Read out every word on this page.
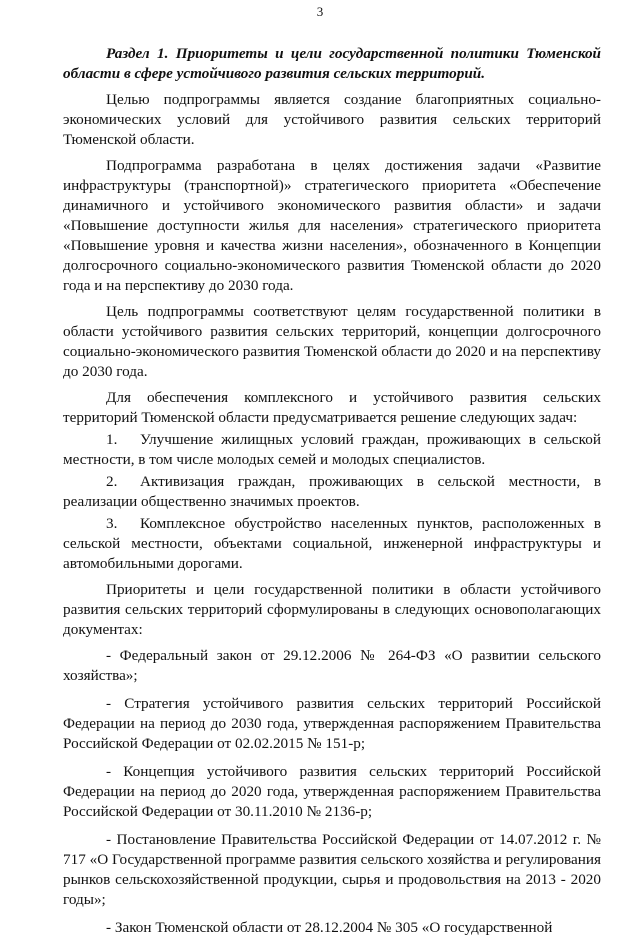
3

Раздел 1. Приоритеты и цели государственной политики Тюменской области в сфере устойчивого развития сельских территорий.

Целью подпрограммы является создание благоприятных социально-экономических условий для устойчивого развития сельских территорий Тюменской области.

Подпрограмма разработана в целях достижения задачи «Развитие инфраструктуры (транспортной)» стратегического приоритета «Обеспечение динамичного и устойчивого экономического развития области» и задачи «Повышение доступности жилья для населения» стратегического приоритета «Повышение уровня и качества жизни населения», обозначенного в Концепции долгосрочного социально-экономического развития Тюменской области до 2020 года и на перспективу до 2030 года.

Цель подпрограммы соответствуют целям государственной политики в области устойчивого развития сельских территорий, концепции долгосрочного социально-экономического развития Тюменской области до 2020 и на перспективу до 2030 года.

Для обеспечения комплексного и устойчивого развития сельских территорий Тюменской области предусматривается решение следующих задач:

1. Улучшение жилищных условий граждан, проживающих в сельской местности, в том числе молодых семей и молодых специалистов.

2. Активизация граждан, проживающих в сельской местности, в реализации общественно значимых проектов.

3. Комплексное обустройство населенных пунктов, расположенных в сельской местности, объектами социальной, инженерной инфраструктуры и автомобильными дорогами.

Приоритеты и цели государственной политики в области устойчивого развития сельских территорий сформулированы в следующих основополагающих документах:

- Федеральный закон от 29.12.2006 № 264-ФЗ «О развитии сельского хозяйства»;

- Стратегия устойчивого развития сельских территорий Российской Федерации на период до 2030 года, утвержденная распоряжением Правительства Российской Федерации от 02.02.2015 № 151-р;

- Концепция устойчивого развития сельских территорий Российской Федерации на период до 2020 года, утвержденная распоряжением Правительства Российской Федерации от 30.11.2010 № 2136-р;

- Постановление Правительства Российской Федерации от 14.07.2012 г. № 717 «О Государственной программе развития сельского хозяйства и регулирования рынков сельскохозяйственной продукции, сырья и продовольствия на 2013 - 2020 годы»;

- Закон Тюменской области от 28.12.2004 № 305 «О государственной
